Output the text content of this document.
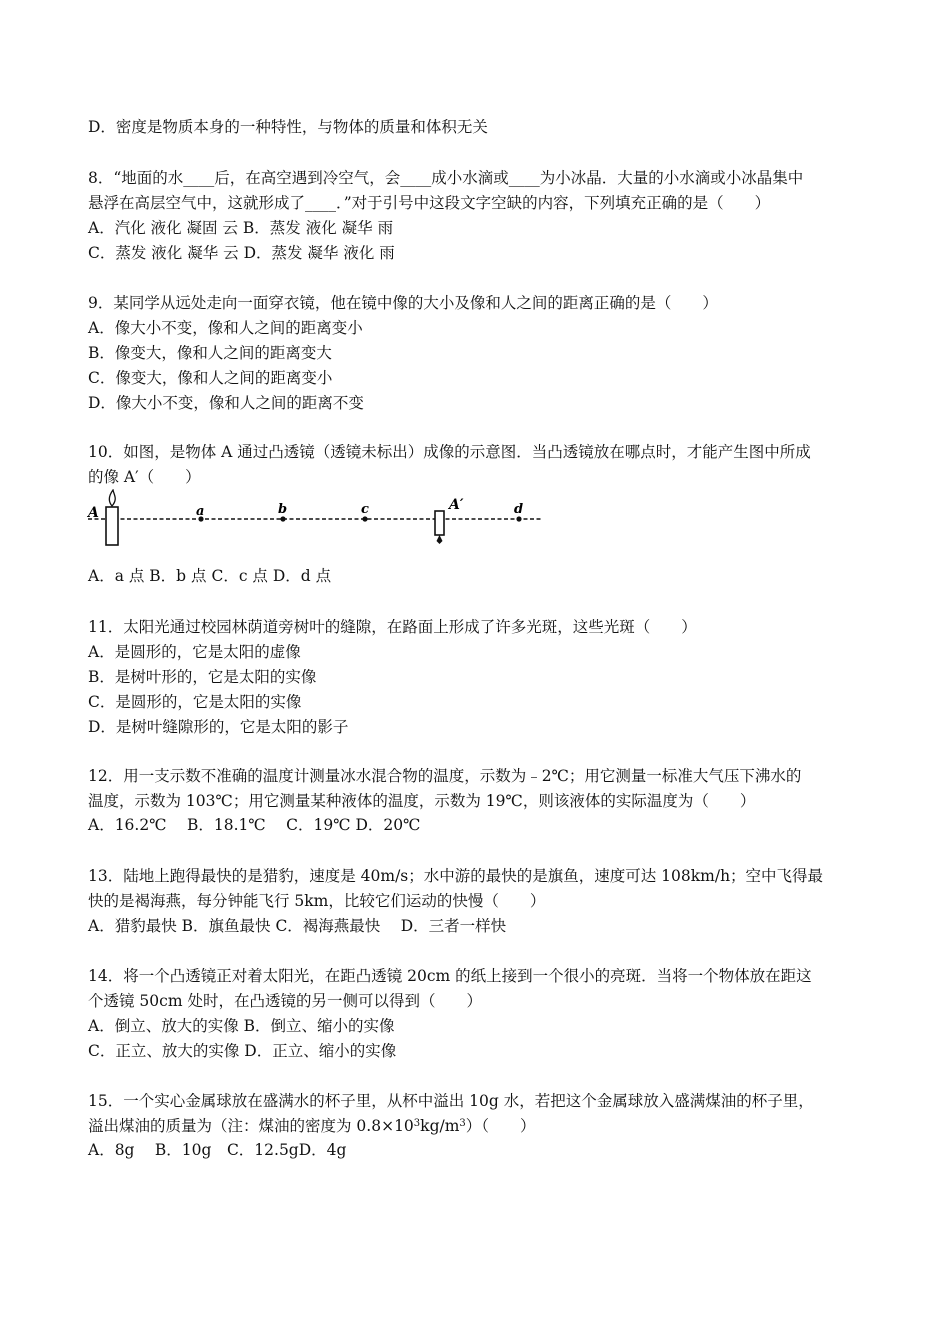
D．密度是物质本身的一种特性，与物体的质量和体积无关
8．“地面的水____后，在高空遇到冷空气，会____成小水滴或____为小冰晶．大量的小水滴或小冰晶集中
悬浮在高层空气中，这就形成了____．”对于引号中这段文字空缺的内容，下列填充正确的是（　　）
A．汽化 液化 凝固 云 B．蒸发 液化 凝华 雨
C．蒸发 液化 凝华 云 D．蒸发 凝华 液化 雨
9．某同学从远处走向一面穿衣镜，他在镜中像的大小及像和人之间的距离正确的是（　　）
A．像大小不变，像和人之间的距离变小
B．像变大，像和人之间的距离变大
C．像变大，像和人之间的距离变小
D．像大小不变，像和人之间的距离不变
10．如图，是物体 A 通过凸透镜（透镜未标出）成像的示意图．当凸透镜放在哪点时，才能产生图中所成
的像 A′（　　）
A	a	b	c	A′	d
A．a 点 B．b 点 C．c 点 D．d 点
11．太阳光通过校园林荫道旁树叶的缝隙，在路面上形成了许多光斑，这些光斑（　　）
A．是圆形的，它是太阳的虚像
B．是树叶形的，它是太阳的实像
C．是圆形的，它是太阳的实像
D．是树叶缝隙形的，它是太阳的影子
12．用一支示数不准确的温度计测量冰水混合物的温度，示数为﹣2℃；用它测量一标准大气压下沸水的
温度，示数为 103℃；用它测量某种液体的温度，示数为 19℃，则该液体的实际温度为（　　）
A．16.2℃　 B．18.1℃　 C．19℃ D．20℃
13．陆地上跑得最快的是猎豹，速度是 40m/s；水中游的最快的是旗鱼，速度可达 108km/h；空中飞得最
快的是褐海燕，每分钟能飞行 5km，比较它们运动的快慢（　　）
A．猎豹最快 B．旗鱼最快 C．褐海燕最快　 D．三者一样快
14．将一个凸透镜正对着太阳光，在距凸透镜 20cm 的纸上接到一个很小的亮斑．当将一个物体放在距这
个透镜 50cm 处时，在凸透镜的另一侧可以得到（　　）
A．倒立、放大的实像 B．倒立、缩小的实像
C．正立、放大的实像 D．正立、缩小的实像
15．一个实心金属球放在盛满水的杯子里，从杯中溢出 10g 水，若把这个金属球放入盛满煤油的杯子里，
溢出煤油的质量为（注：煤油的密度为 $0.8\times 10^3kg/m^3$）（　　）
A．8g　 B．10g　C．12.5gD．4g
